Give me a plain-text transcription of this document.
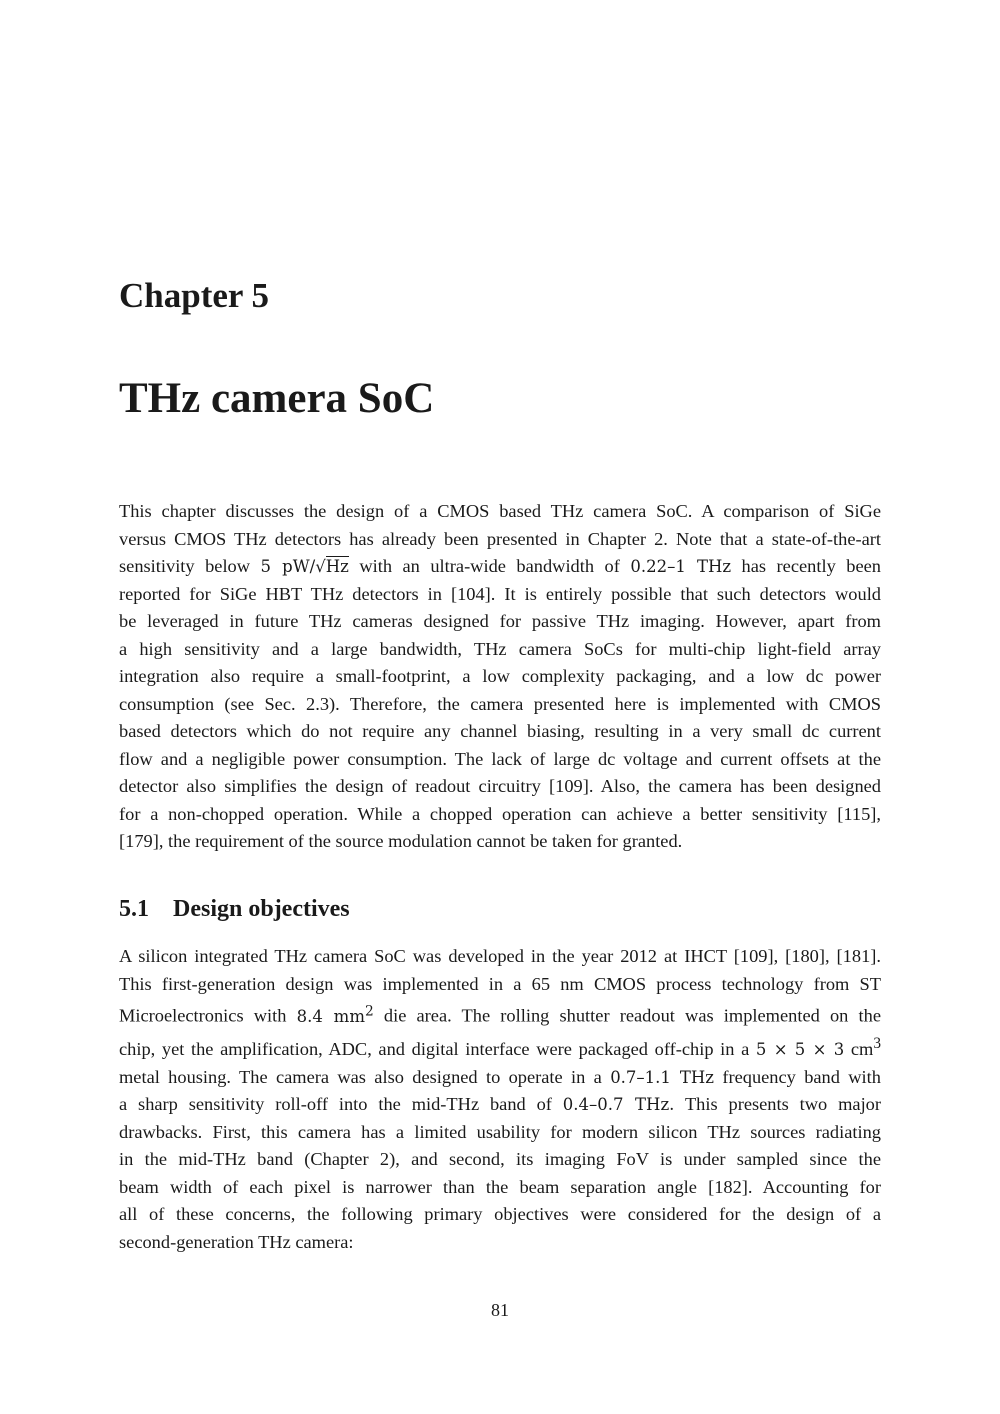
Chapter 5
THz camera SoC
This chapter discusses the design of a CMOS based THz camera SoC. A comparison of SiGe
versus CMOS THz detectors has already been presented in Chapter 2. Note that a state-of-the-art
sensitivity below 5 pW/√Hz with an ultra-wide bandwidth of 0.22–1 THz has recently been
reported for SiGe HBT THz detectors in [104]. It is entirely possible that such detectors would
be leveraged in future THz cameras designed for passive THz imaging. However, apart from
a high sensitivity and a large bandwidth, THz camera SoCs for multi-chip light-field array
integration also require a small-footprint, a low complexity packaging, and a low dc power
consumption (see Sec. 2.3). Therefore, the camera presented here is implemented with CMOS
based detectors which do not require any channel biasing, resulting in a very small dc current
flow and a negligible power consumption. The lack of large dc voltage and current offsets at the
detector also simplifies the design of readout circuitry [109]. Also, the camera has been designed
for a non-chopped operation. While a chopped operation can achieve a better sensitivity [115],
[179], the requirement of the source modulation cannot be taken for granted.
5.1 Design objectives
A silicon integrated THz camera SoC was developed in the year 2012 at IHCT [109], [180], [181].
This first-generation design was implemented in a 65 nm CMOS process technology from ST
Microelectronics with 8.4 $mm^2$ die area. The rolling shutter readout was implemented on the
chip, yet the amplification, ADC, and digital interface were packaged off-chip in a 5 × 5 × 3 $cm^3$
metal housing. The camera was also designed to operate in a 0.7–1.1 THz frequency band with
a sharp sensitivity roll-off into the mid-THz band of 0.4–0.7 THz. This presents two major
drawbacks. First, this camera has a limited usability for modern silicon THz sources radiating
in the mid-THz band (Chapter 2), and second, its imaging FoV is under sampled since the
beam width of each pixel is narrower than the beam separation angle [182]. Accounting for
all of these concerns, the following primary objectives were considered for the design of a
second-generation THz camera:
81
